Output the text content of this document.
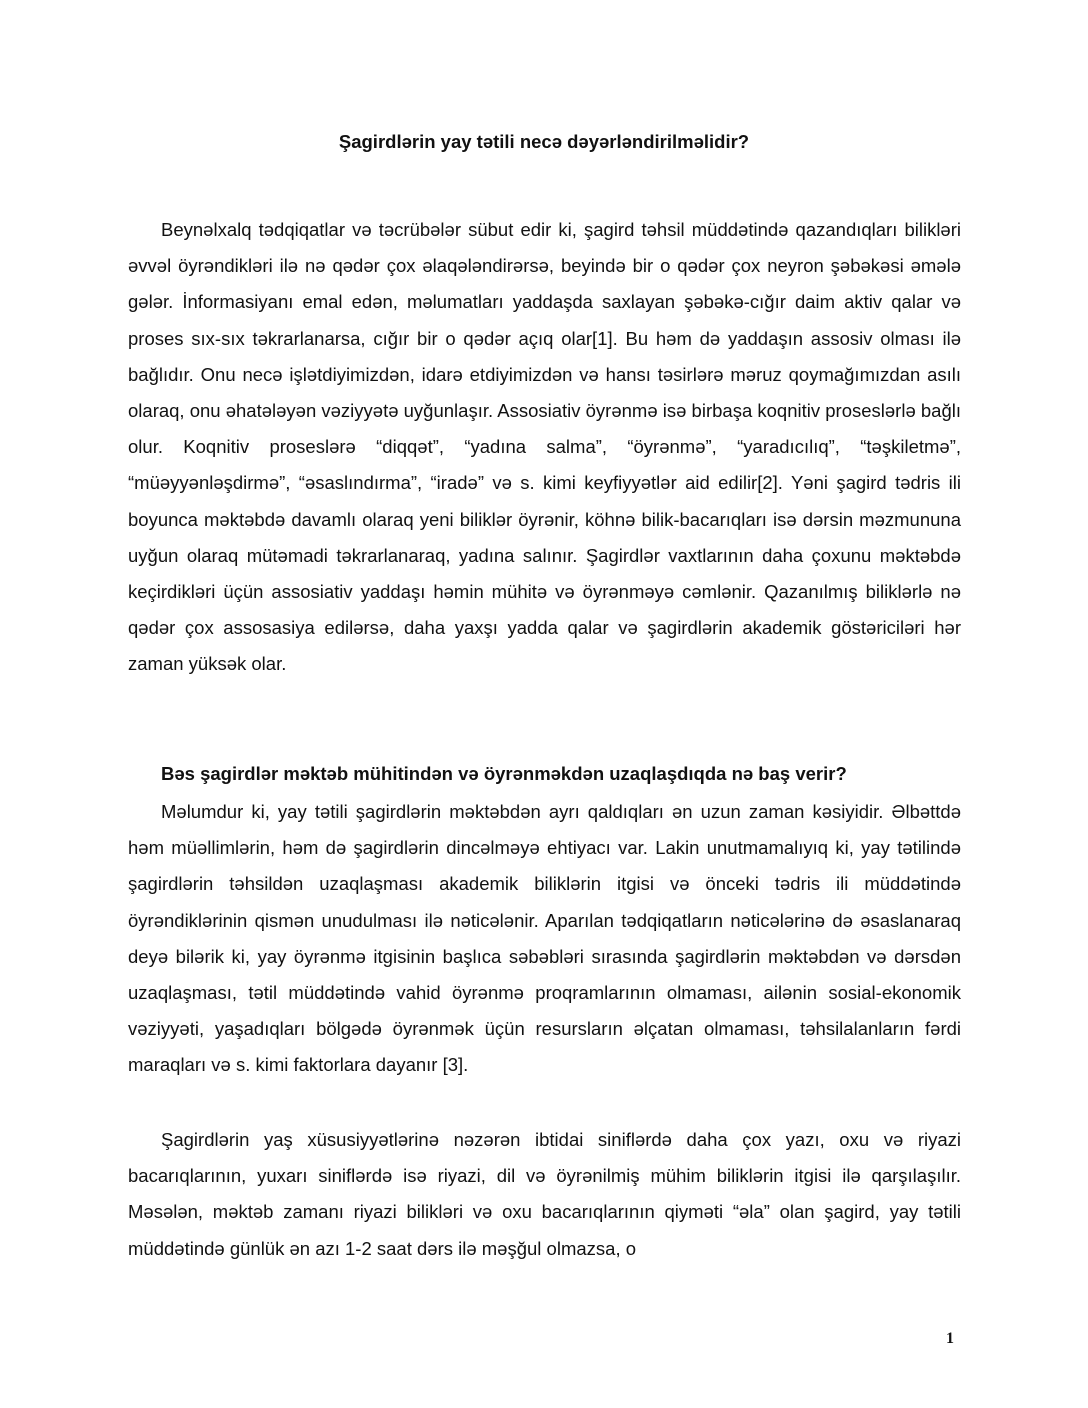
Şagirdlərin yay tətili necə dəyərləndirilməlidir?

Beynəlxalq tədqiqatlar və təcrübələr sübut edir ki, şagird təhsil müddətində qazandıqları bilikləri əvvəl öyrəndikləri ilə nə qədər çox əlaqələndirərsə, beyində bir o qədər çox neyron şəbəkəsi əmələ gələr. İnformasiyanı emal edən, məlumatları yaddaşda saxlayan şəbəkə-cığır daim aktiv qalar və proses sıx-sıx təkrarlanarsa, cığır bir o qədər açıq olar[1]. Bu həm də yaddaşın assosiv olması ilə bağlıdır. Onu necə işlətdiyimizdən, idarə etdiyimizdən və hansı təsirlərə məruz qoymağımızdan asılı olaraq, onu əhatələyən vəziyyətə uyğunlaşır. Assosiativ öyrənmə isə birbaşa koqnitiv proseslərlə bağlı olur. Koqnitiv proseslərə “diqqət”, “yadına salma”, “öyrənmə”, “yaradıcılıq”, “təşkiletmə”, “müəyyənləşdirmə”, “əsaslındırma”, “iradə” və s. kimi keyfiyyətlər aid edilir[2]. Yəni şagird tədris ili boyunca məktəbdə davamlı olaraq yeni biliklər öyrənir, köhnə bilik-bacarıqları isə dərsin məzmununa uyğun olaraq mütəmadi təkrarlanaraq, yadına salınır. Şagirdlər vaxtlarının daha çoxunu məktəbdə keçirdikləri üçün assosiativ yaddaşı həmin mühitə və öyrənməyə cəmlənir. Qazanılmış biliklərlə nə qədər çox assosasiya edilərsə, daha yaxşı yadda qalar və şagirdlərin akademik göstəriciləri hər zaman yüksək olar.

Bəs şagirdlər məktəb mühitindən və öyrənməkdən uzaqlaşdıqda nə baş verir?

Məlumdur ki, yay tətili şagirdlərin məktəbdən ayrı qaldıqları ən uzun zaman kəsiyidir. Əlbəttdə həm müəllimlərin, həm də şagirdlərin dincəlməyə ehtiyacı var. Lakin unutmamalıyıq ki, yay tətilində şagirdlərin təhsildən uzaqlaşması akademik biliklərin itgisi və önceki tədris ili müddətində öyrəndiklərinin qismən unudulması ilə nəticələnir. Aparılan tədqiqatların nəticələrinə də əsaslanaraq deyə bilərik ki, yay öyrənmə itgisinin başlıca səbəbləri sırasında şagirdlərin məktəbdən və dərsdən uzaqlaşması, tətil müddətində vahid öyrənmə proqramlarının olmaması, ailənin sosial-ekonomik vəziyyəti, yaşadıqları bölgədə öyrənmək üçün resursların əlçatan olmaması, təhsilalanların fərdi maraqları və s. kimi faktorlara dayanır [3].

Şagirdlərin yaş xüsusiyyətlərinə nəzərən ibtidai siniflərdə daha çox yazı, oxu və riyazi bacarıqlarının, yuxarı siniflərdə isə riyazi, dil və öyrənilmiş mühim biliklərin itgisi ilə qarşılaşılır. Məsələn, məktəb zamanı riyazi bilikləri və oxu bacarıqlarının qiyməti “əla” olan şagird, yay tətili müddətində günlük ən azı 1-2 saat dərs ilə məşğul olmazsa, o

1
